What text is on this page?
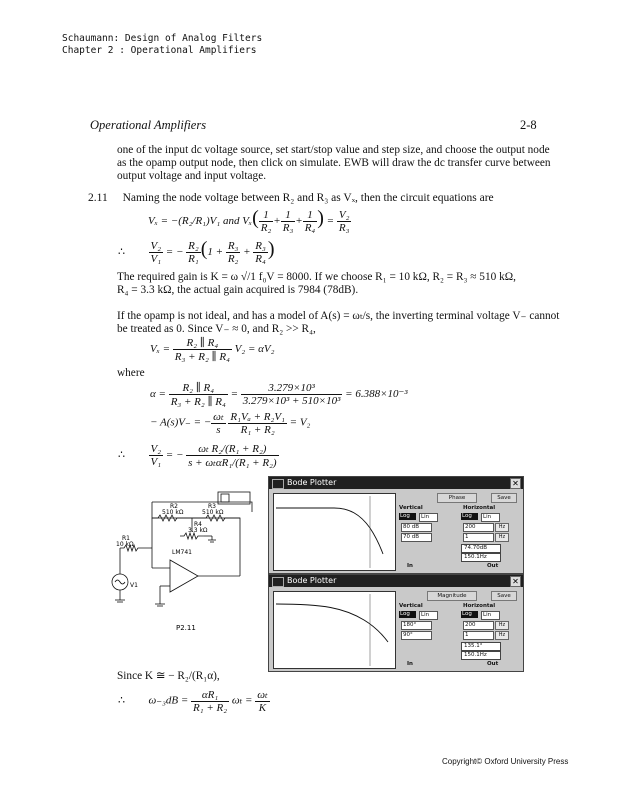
Schaumann: Design of Analog Filters
Chapter 2 : Operational Amplifiers
Operational Amplifiers	2-8
one of the input dc voltage source, set start/stop value and step size, and choose the output node
as the opamp output node, then click on simulate. EWB will draw the dc transfer curve between
output voltage and input voltage.
2.11 Naming the node voltage between R₂ and R₃ as Vₓ, then the circuit equations are
Vₓ = −(R₂/R₁)V₁ and $V_x( \frac{1}{\text{R₂}} + \frac{1}{\text{R₃}} + \frac{1}{\text{R₄}}$ ) = $\frac{\text{V₂}}{\text{R₃}}$
∴ $\frac{\text{V₂}}{\text{V₁}}$ = − $\frac{\text{R₂}}{\text{R₁}} (1 + \frac{\text{R₃}}{\text{R₂}} + \frac{\text{R₃}}{\text{R₄}}$ )
The required gain is K = ω √/1 f₀V = 8000. If we choose R₁ = 10 kΩ, R₂ = R₃ ≈ 510 kΩ,
R₄ = 3.3 kΩ, the actual gain acquired is 7984 (78dB).
If the opamp is not ideal, and has a model of A(s) = ωₜ/s, the inverting terminal voltage V₋ cannot
be treated as 0. Since V₋ ≈ 0, and R₂ >> R₄,
$V_x = \frac{\text{R₂ ∥ R₄}}{\text{R₃ + R₂ ∥ R₄}} V_2 = \alpha V_2$
where
$\alpha = \frac{\text{R₂ ∥ R₄}}{\text{R₃ + R₂ ∥ R₄}} = \frac{\text{3.279×10³}}{\text{3.279×10³ + 510×10³}} = 6.388\times 10^{-3}$
− A(s)V₋ = − $\frac{\text{ωₜ}}{s}$
$\frac{\text{R₁Vₐ + R₂V₁}}{\text{R₁ + R₂}} = V_2$
∴ $\frac{\text{V₂}}{\text{V₁}}$ = − $\frac{\text{ωₜ R₂/(R₁ + R₂)}}{\text{s + ωₜαR₁/(R₁ + R₂)}}$
R2
510 kΩ
R3
510 kΩ
R4
3.3 kΩ
R1
10 kΩ
LM741
V1
P2.11
Bode Plotter	✕
Phase	Save
Vertical	Horizontal
Log	Lin	Log	Lin
80 dB
70 dB
200	Hz
1	Hz
74.70dB
150.1Hz
In	Out
Bode Plotter	✕
Magnitude	Save
Vertical	Horizontal
Log	Lin	Log	Lin
180°
90°
200	Hz
1	Hz
135.1°
150.1Hz
In	Out
Since K ≅ − R₂/(R₁α),
∴ $\omega_{-3}dB = \frac{\text{αR₁}}{\text{R₁ + R₂}}$ $\omega_t = \frac{\text{ωₜ}}{K}$
Copyright© Oxford University Press
